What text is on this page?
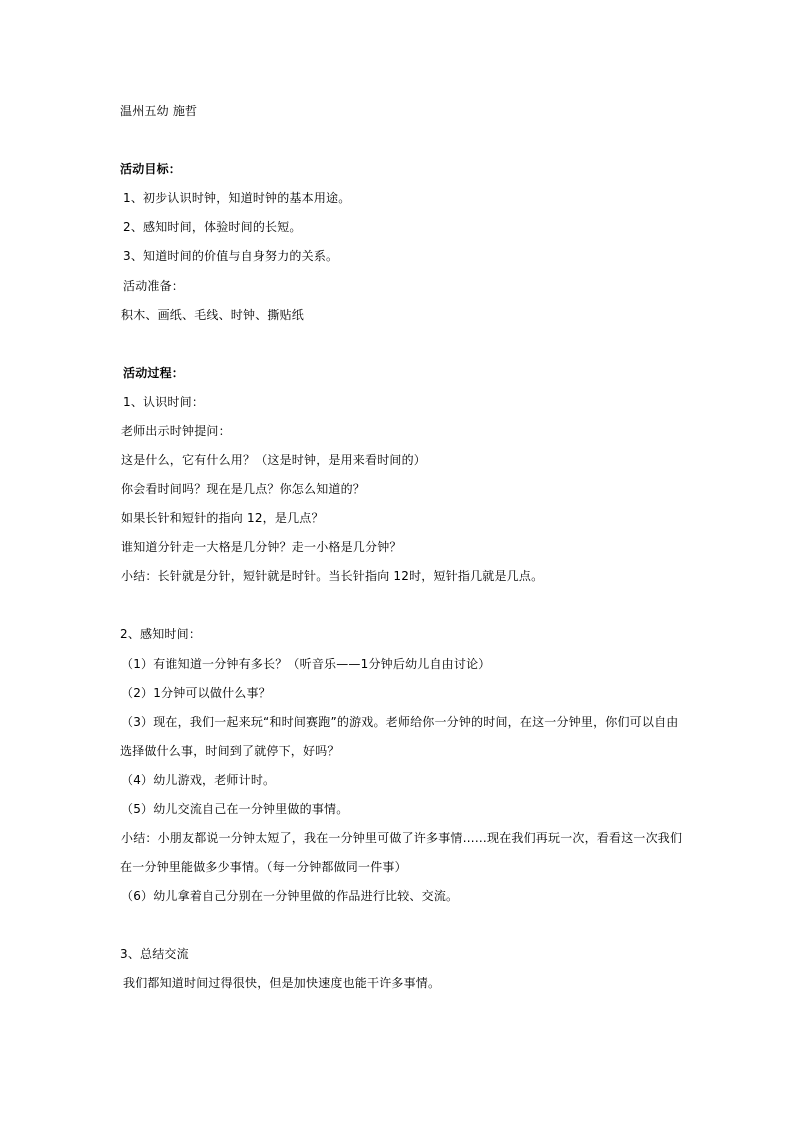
温州五幼 施哲
活动目标：
1、初步认识时钟，知道时钟的基本用途。
2、感知时间，体验时间的长短。
3、知道时间的价值与自身努力的关系。
活动准备：
积木、画纸、毛线、时钟、撕贴纸
活动过程：
1、认识时间：
老师出示时钟提问：
这是什么，它有什么用？（这是时钟，是用来看时间的）
你会看时间吗？现在是几点？你怎么知道的？
如果长针和短针的指向 12，是几点？
谁知道分针走一大格是几分钟？走一小格是几分钟？
小结：长针就是分针，短针就是时针。当长针指向 12时，短针指几就是几点。
2、感知时间：
（1）有谁知道一分钟有多长？（听音乐——1分钟后幼儿自由讨论）
（2）1分钟可以做什么事？
（3）现在，我们一起来玩“和时间赛跑”的游戏。老师给你一分钟的时间，在这一分钟里，你们可以自由
选择做什么事，时间到了就停下，好吗？
（4）幼儿游戏，老师计时。
（5）幼儿交流自己在一分钟里做的事情。
小结：小朋友都说一分钟太短了，我在一分钟里可做了许多事情……现在我们再玩一次，看看这一次我们
在一分钟里能做多少事情。（每一分钟都做同一件事）
（6）幼儿拿着自己分别在一分钟里做的作品进行比较、交流。
3、总结交流
我们都知道时间过得很快，但是加快速度也能干许多事情。
